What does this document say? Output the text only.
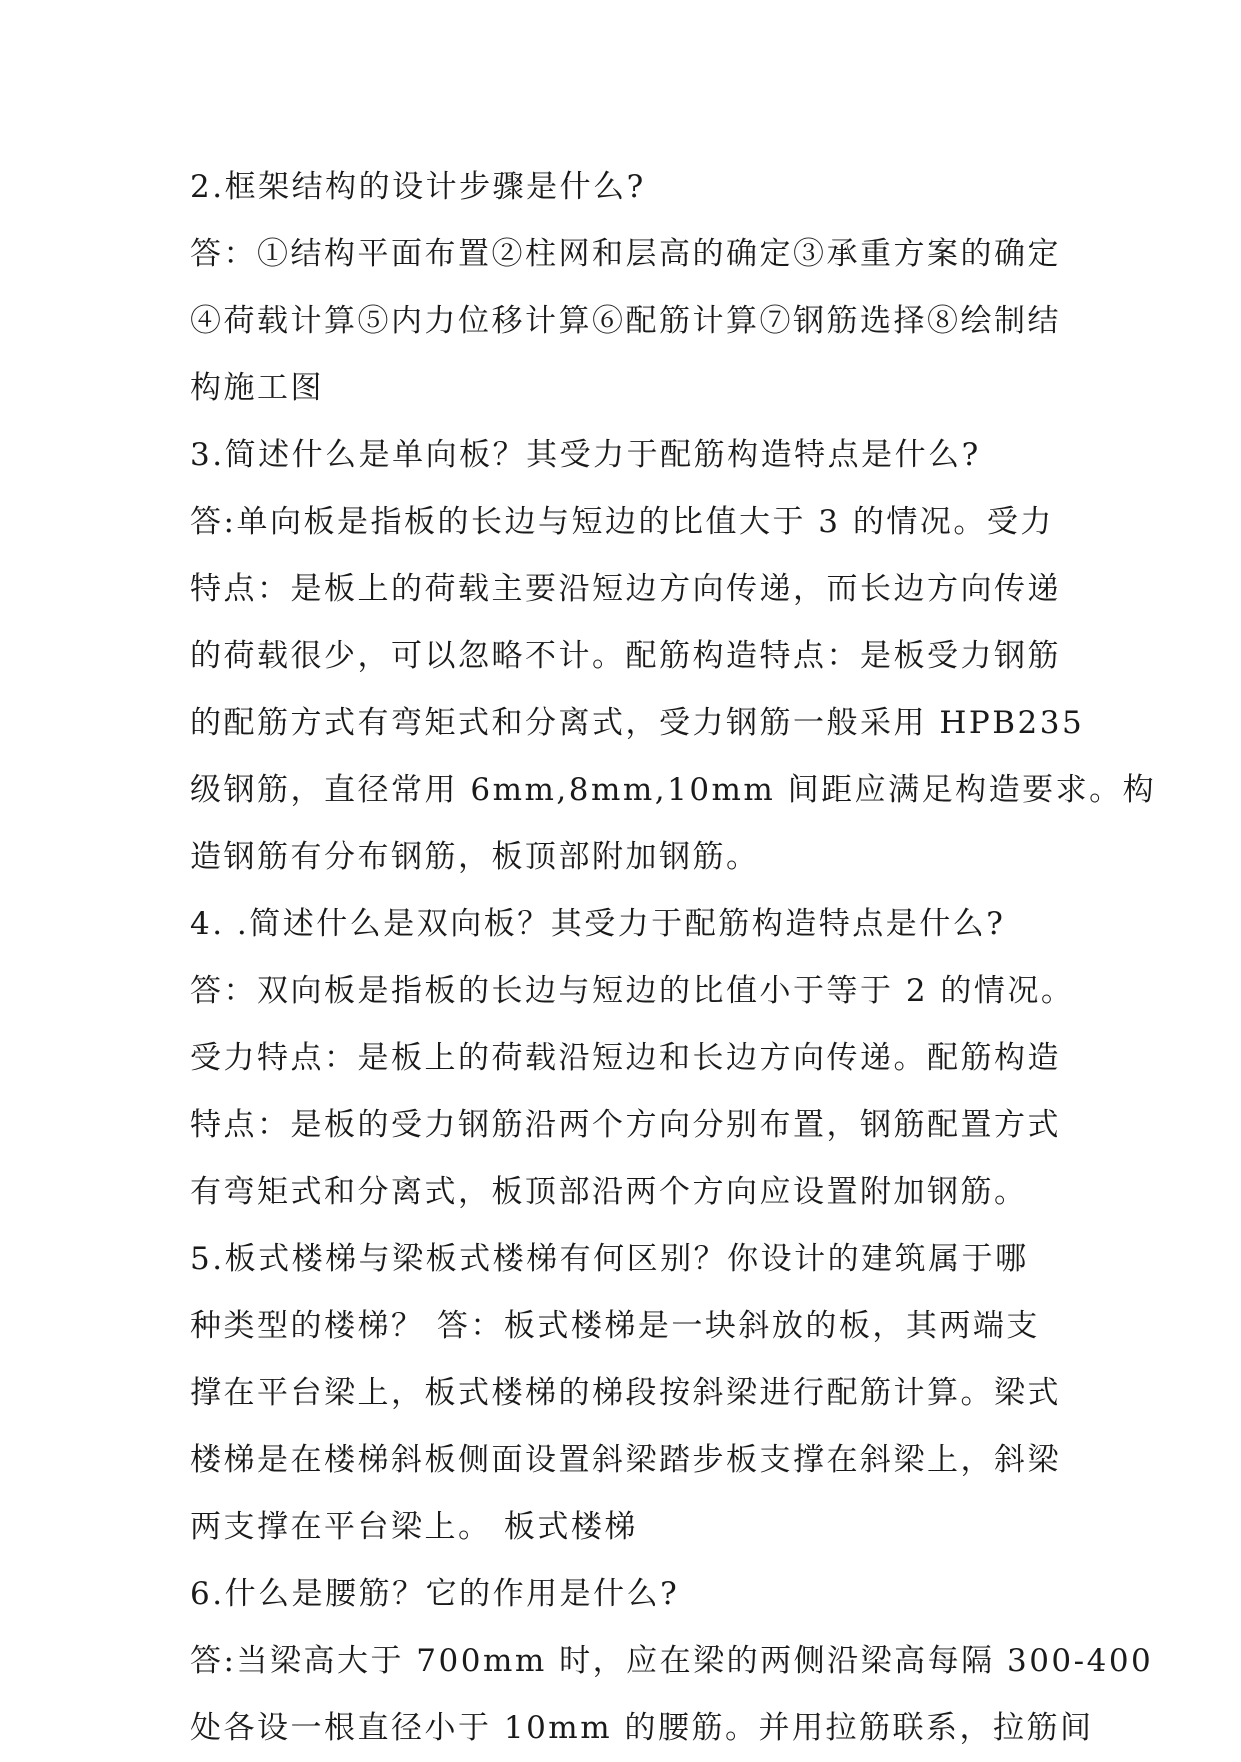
2.框架结构的设计步骤是什么?
答：①结构平面布置②柱网和层高的确定③承重方案的确定
④荷载计算⑤内力位移计算⑥配筋计算⑦钢筋选择⑧绘制结
构施工图
3.简述什么是单向板？其受力于配筋构造特点是什么?
答:单向板是指板的长边与短边的比值大于 3 的情况。受力
特点：是板上的荷载主要沿短边方向传递，而长边方向传递
的荷载很少，可以忽略不计。配筋构造特点：是板受力钢筋
的配筋方式有弯矩式和分离式，受力钢筋一般采用 HPB235
级钢筋，直径常用 6mm,8mm,10mm 间距应满足构造要求。构
造钢筋有分布钢筋，板顶部附加钢筋。
4. .简述什么是双向板？其受力于配筋构造特点是什么?
答：双向板是指板的长边与短边的比值小于等于 2 的情况。
受力特点：是板上的荷载沿短边和长边方向传递。配筋构造
特点：是板的受力钢筋沿两个方向分别布置，钢筋配置方式
有弯矩式和分离式，板顶部沿两个方向应设置附加钢筋。
5.板式楼梯与梁板式楼梯有何区别？你设计的建筑属于哪
种类型的楼梯？ 答：板式楼梯是一块斜放的板，其两端支
撑在平台梁上，板式楼梯的梯段按斜梁进行配筋计算。梁式
楼梯是在楼梯斜板侧面设置斜梁踏步板支撑在斜梁上，斜梁
两支撑在平台梁上。 板式楼梯
6.什么是腰筋？它的作用是什么?
答:当梁高大于 700mm 时，应在梁的两侧沿梁高每隔 300-400
处各设一根直径小于 10mm 的腰筋。并用拉筋联系，拉筋间
